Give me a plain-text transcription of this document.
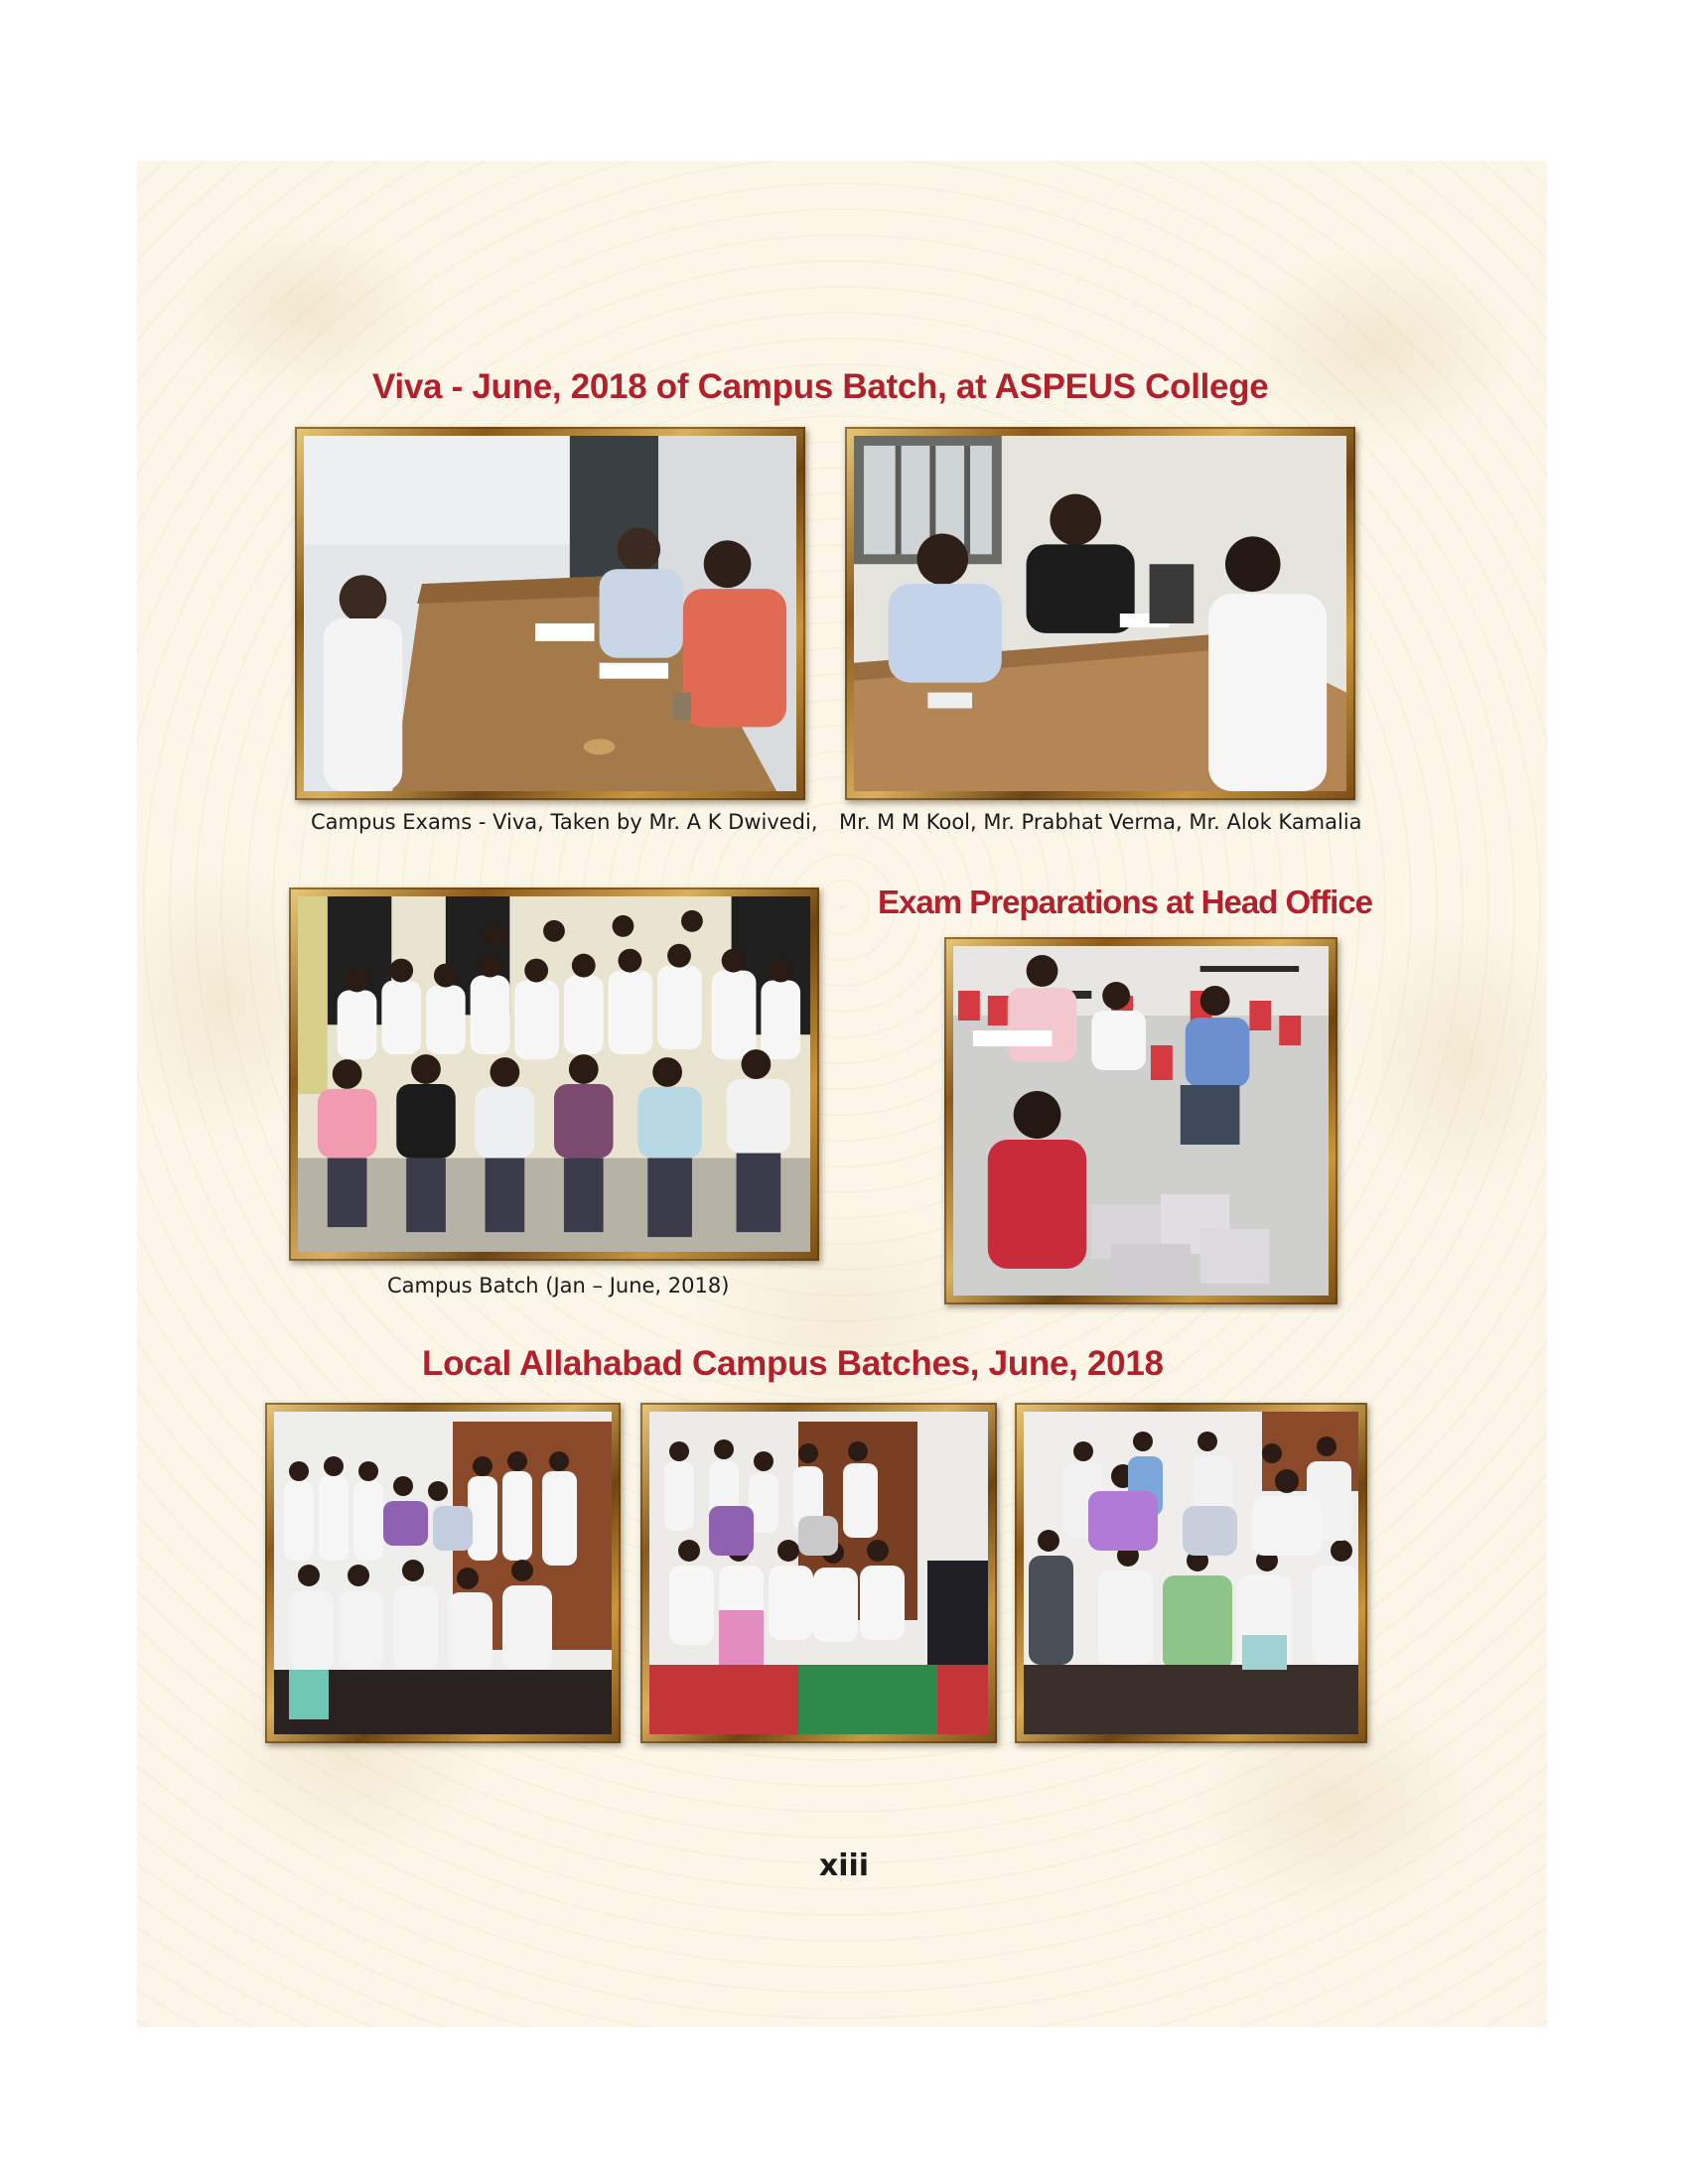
Viva - June, 2018 of Campus Batch, at ASPEUS College
Campus Exams - Viva, Taken by Mr. A K Dwivedi, Mr. M M Kool, Mr. Prabhat Verma, Mr. Alok Kamalia
Campus Batch (Jan – June, 2018)
Exam Preparations at Head Office
Local Allahabad Campus Batches, June, 2018
xiii
